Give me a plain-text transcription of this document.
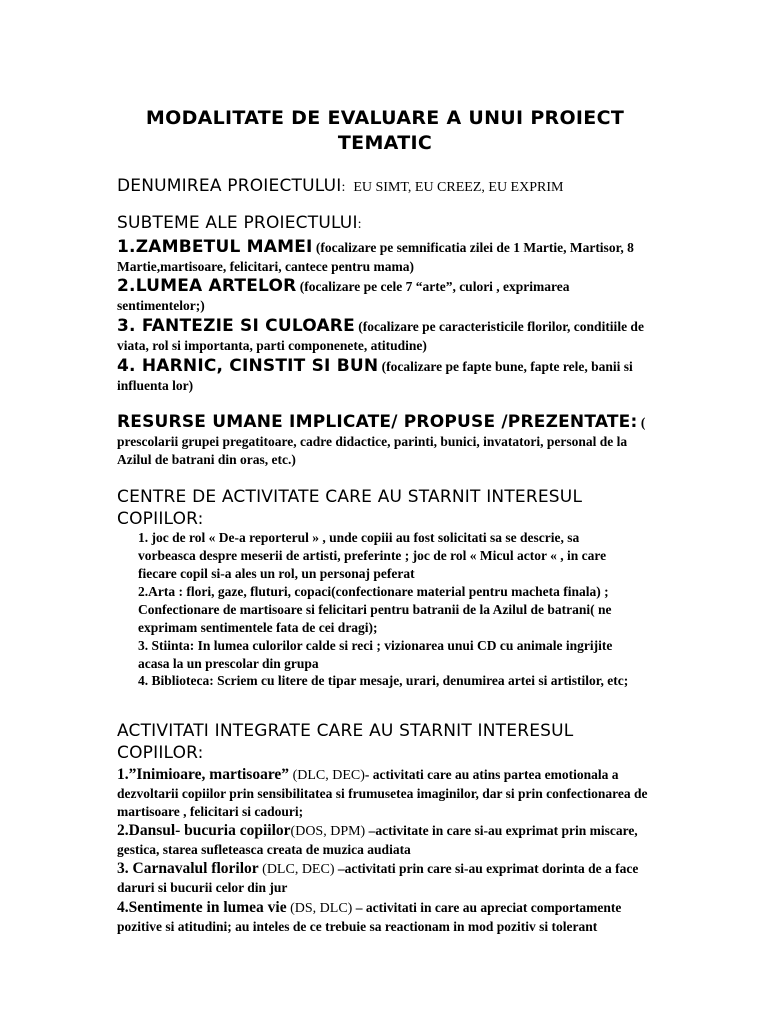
MODALITATE DE EVALUARE A UNUI PROIECT TEMATIC
DENUMIREA PROIECTULUI: EU SIMT, EU CREEZ, EU EXPRIM
SUBTEME ALE PROIECTULUI:
1.ZAMBETUL MAMEI (focalizare pe semnificatia zilei de 1 Martie, Martisor, 8 Martie,martisoare, felicitari, cantece pentru mama)
2.LUMEA ARTELOR (focalizare pe cele 7 “arte”, culori , exprimarea sentimentelor;)
3. FANTEZIE SI CULOARE (focalizare pe caracteristicile florilor, conditiile de viata, rol si importanta, parti componenete, atitudine)
4. HARNIC, CINSTIT SI BUN (focalizare pe fapte bune, fapte rele, banii si influenta lor)
RESURSE UMANE IMPLICATE/ PROPUSE /PREZENTATE: ( prescolarii grupei pregatitoare, cadre didactice, parinti, bunici, invatatori, personal de la Azilul de batrani din oras, etc.)
CENTRE DE ACTIVITATE CARE AU STARNIT INTERESUL COPIILOR:
1. joc de rol « De-a reporterul » , unde copiii au fost solicitati sa se descrie, sa vorbeasca despre meserii de artisti, preferinte ; joc de rol « Micul actor « , in care fiecare copil si-a ales un rol, un personaj peferat
2.Arta : flori, gaze, fluturi, copaci(confectionare material pentru macheta finala) ; Confectionare de martisoare si felicitari pentru batranii de la Azilul de batrani( ne exprimam sentimentele fata de cei dragi);
3. Stiinta: In lumea culorilor calde si reci ; vizionarea unui CD cu animale ingrijite acasa la un prescolar din grupa
4. Biblioteca: Scriem cu litere de tipar mesaje, urari, denumirea artei si artistilor, etc;
ACTIVITATI INTEGRATE CARE AU STARNIT INTERESUL COPIILOR:
1.”Inimioare, martisoare” (DLC, DEC)- activitati care au atins partea emotionala a dezvoltarii copiilor prin sensibilitatea si frumusetea imaginilor, dar si prin confectionarea de martisoare , felicitari si cadouri;
2.Dansul- bucuria copiilor(DOS, DPM) –activitate in care si-au exprimat prin miscare, gestica, starea sufleteasca creata de muzica audiata
3. Carnavalul florilor (DLC, DEC) –activitati prin care si-au exprimat dorinta de a face daruri si bucurii celor din jur
4.Sentimente in lumea vie (DS, DLC) – activitati in care au apreciat comportamente pozitive si atitudini; au inteles de ce trebuie sa reactionam in mod pozitiv si tolerant
